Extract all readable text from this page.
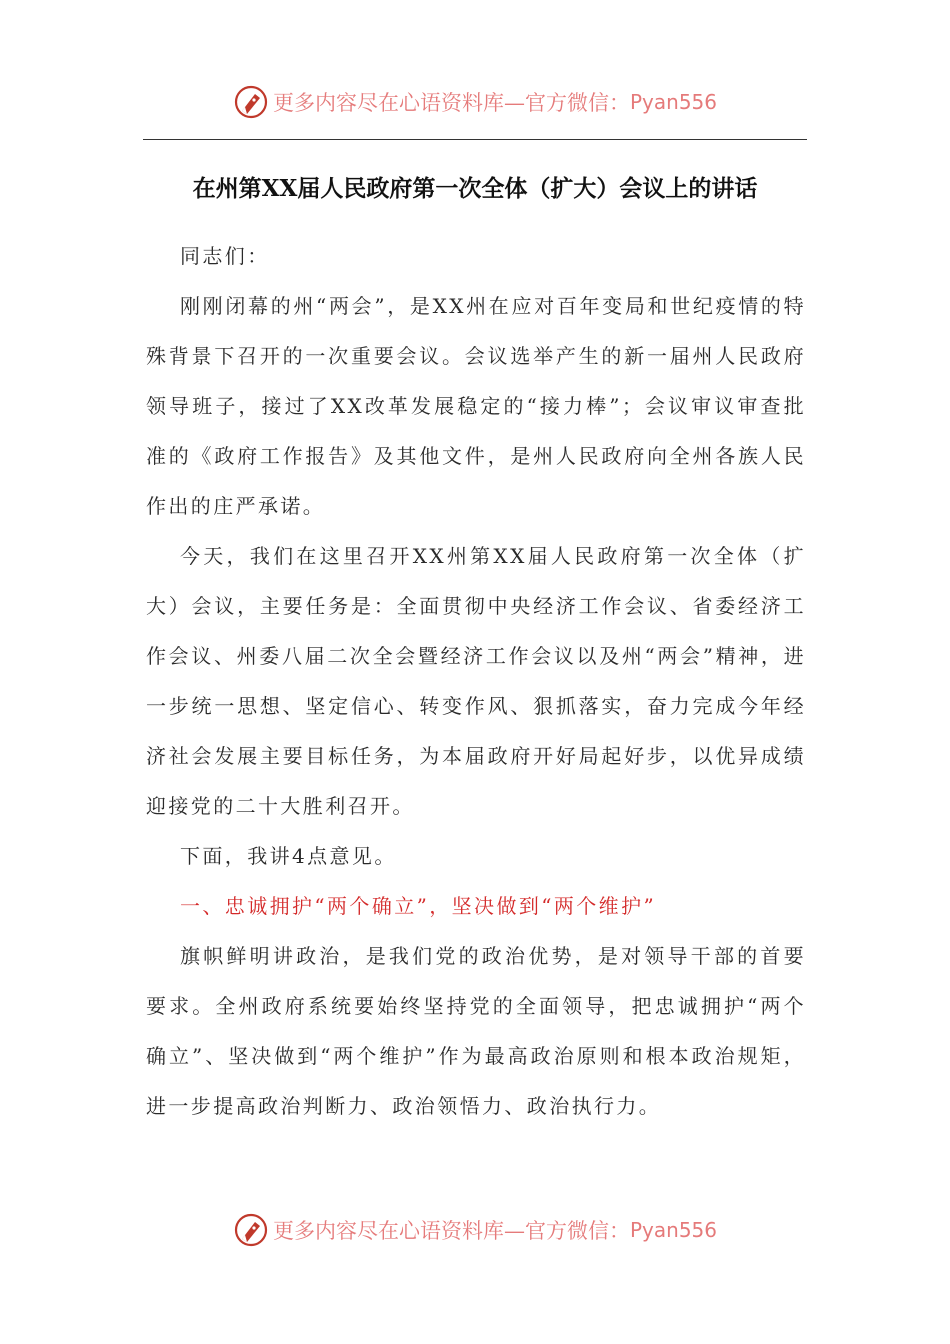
更多内容尽在心语资料库—官方微信： Pyan556
在州第XX届人民政府第一次全体（扩大）会议上的讲话

同志们：

刚刚闭幕的州“两会”，是XX州在应对百年变局和世纪疫情的特殊背景下召开的一次重要会议。会议选举产生的新一届州人民政府领导班子，接过了XX改革发展稳定的“接力棒”；会议审议审查批准的《政府工作报告》及其他文件，是州人民政府向全州各族人民作出的庄严承诺。

今天，我们在这里召开XX州第XX届人民政府第一次全体（扩大）会议，主要任务是：全面贯彻中央经济工作会议、省委经济工作会议、州委八届二次全会暨经济工作会议以及州“两会”精神，进一步统一思想、坚定信心、转变作风、狠抓落实，奋力完成今年经济社会发展主要目标任务，为本届政府开好局起好步，以优异成绩迎接党的二十大胜利召开。

下面，我讲4点意见。

一、忠诚拥护“两个确立”，坚决做到“两个维护”

旗帜鲜明讲政治，是我们党的政治优势，是对领导干部的首要要求。全州政府系统要始终坚持党的全面领导，把忠诚拥护“两个确立”、坚决做到“两个维护”作为最高政治原则和根本政治规矩，进一步提高政治判断力、政治领悟力、政治执行力。

更多内容尽在心语资料库—官方微信： Pyan556
